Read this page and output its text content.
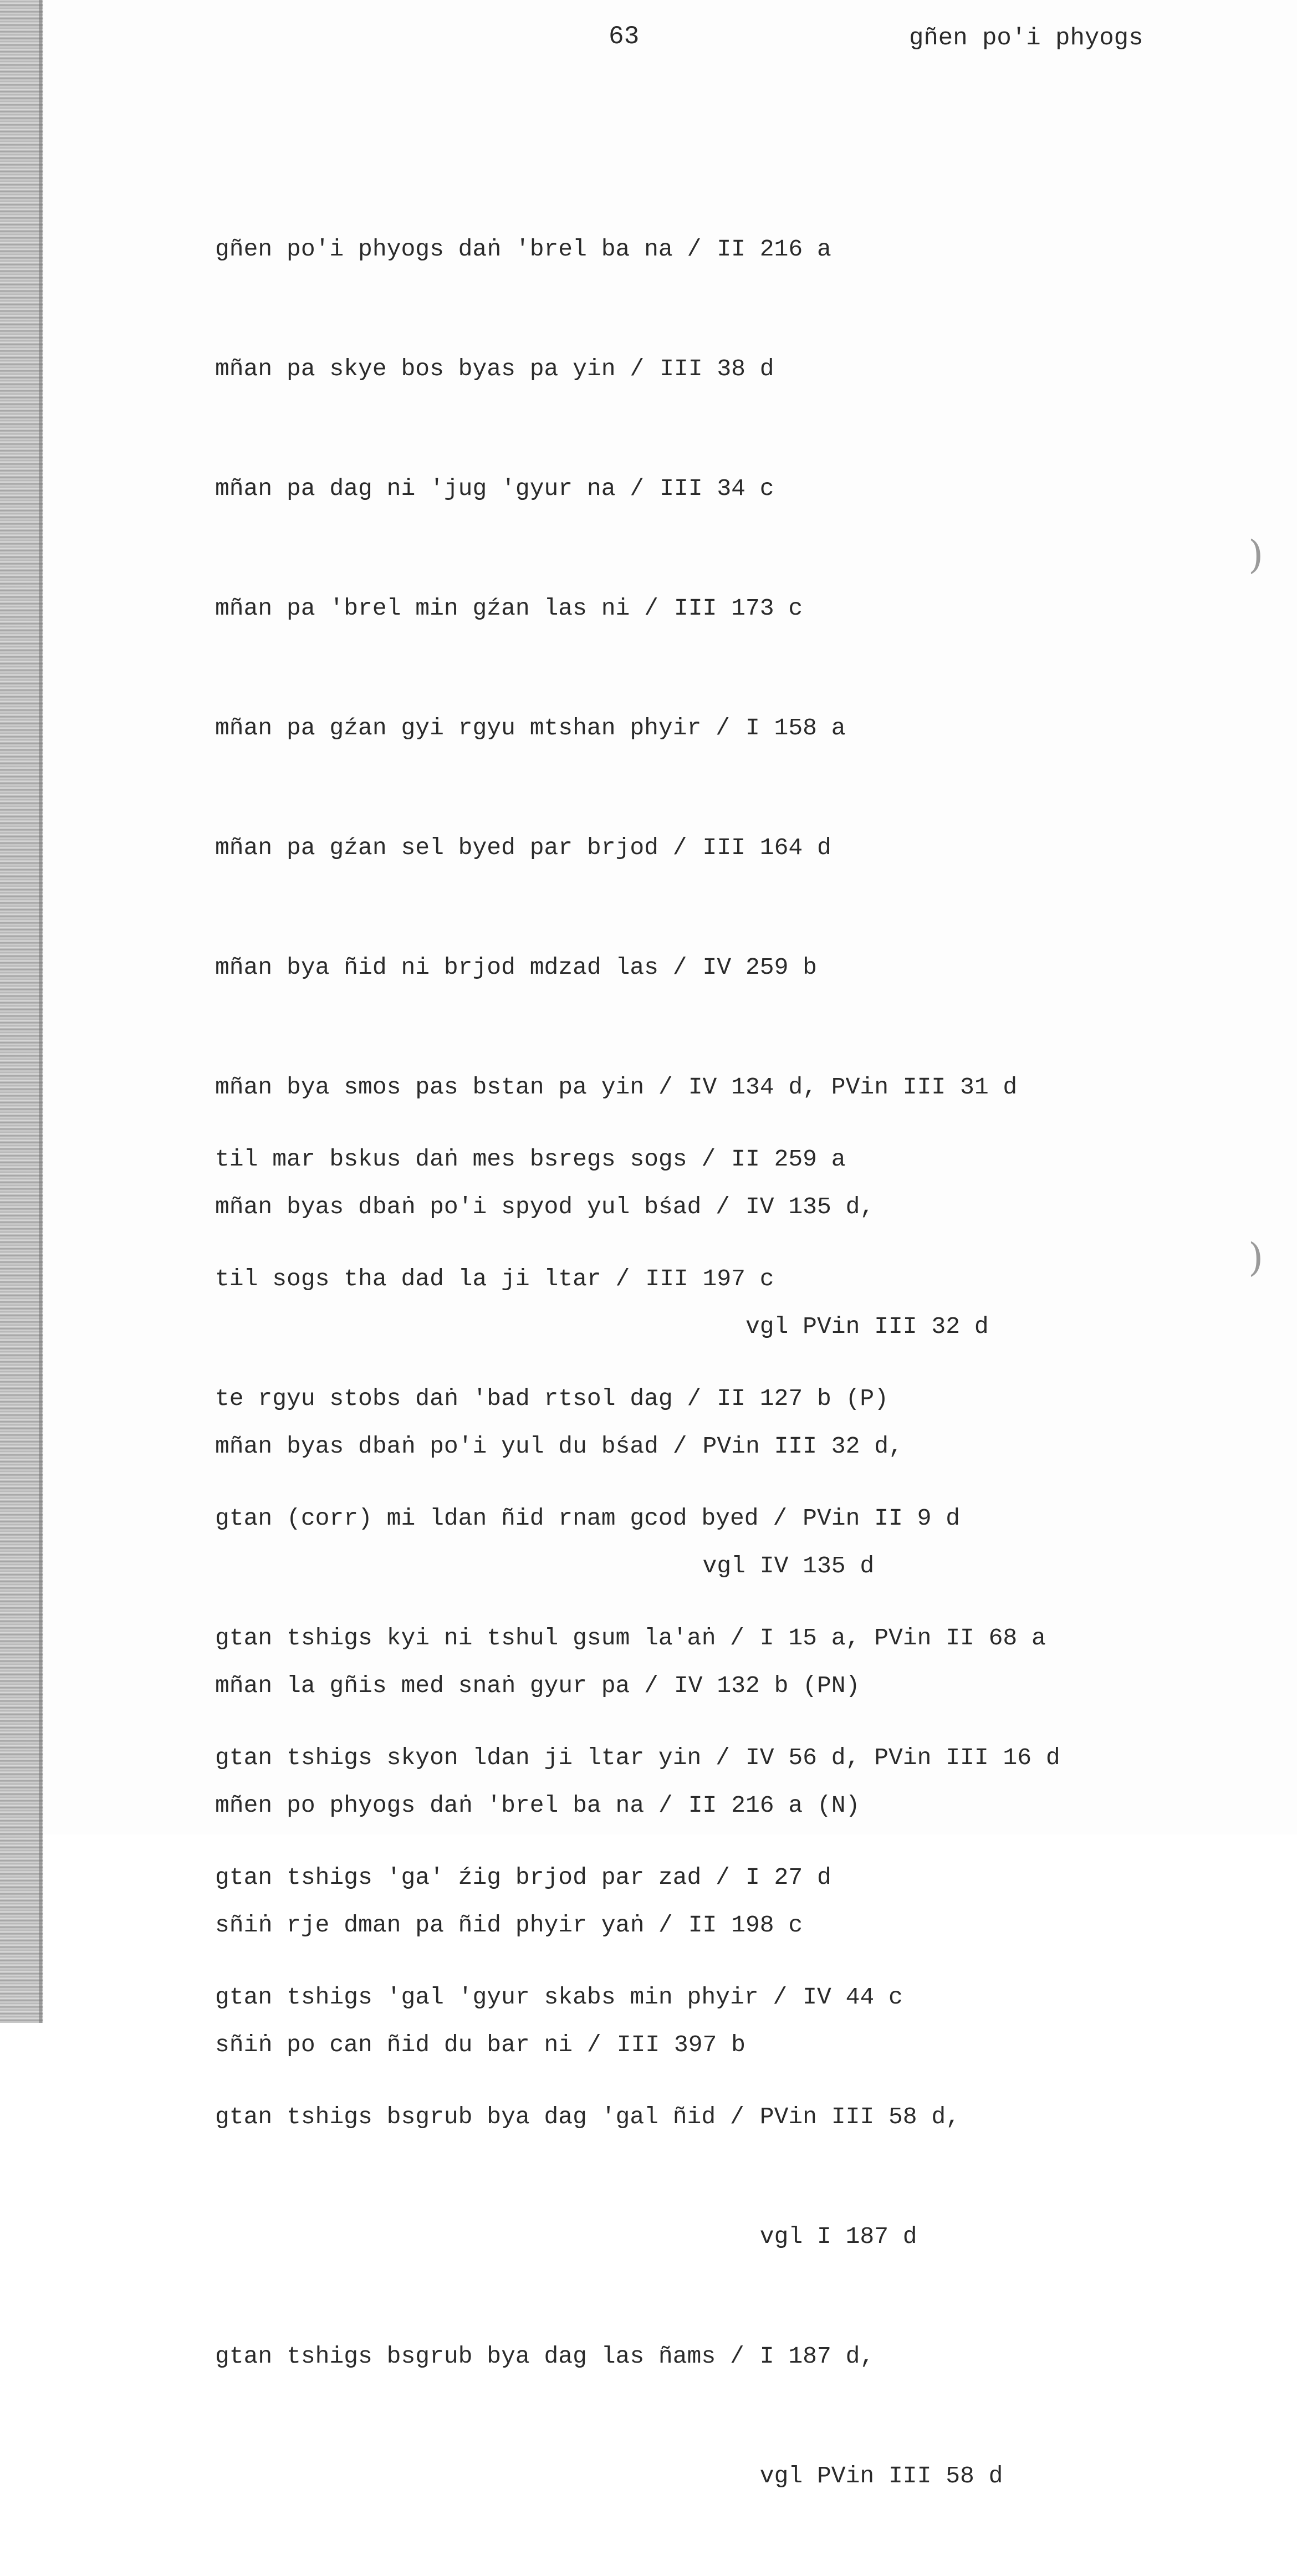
63	gñen po'i phyogs

gñen po'i phyogs daṅ 'brel ba na / II 216 a

mñan pa skye bos byas pa yin / III 38 d

mñan pa dag ni 'jug 'gyur na / III 34 c

mñan pa 'brel min gźan las ni / III 173 c

mñan pa gźan gyi rgyu mtshan phyir / I 158 a

mñan pa gźan sel byed par brjod / III 164 d

mñan bya ñid ni brjod mdzad las / IV 259 b

mñan bya smos pas bstan pa yin / IV 134 d, PVin III 31 d

mñan byas dbaṅ po'i spyod yul bśad / IV 135 d,

vgl PVin III 32 d

mñan byas dbaṅ po'i yul du bśad / PVin III 32 d,

vgl IV 135 d

mñan la gñis med snaṅ gyur pa / IV 132 b (PN)

mñen po phyogs daṅ 'brel ba na / II 216 a (N)

sñiṅ rje dman pa ñid phyir yaṅ / II 198 c

sñiṅ po can ñid du bar ni / III 397 b

til mar bskus daṅ mes bsregs sogs / II 259 a

til sogs tha dad la ji ltar / III 197 c

te rgyu stobs daṅ 'bad rtsol dag / II 127 b (P)

gtan (corr) mi ldan ñid rnam gcod byed / PVin II 9 d

gtan tshigs kyi ni tshul gsum la'aṅ / I 15 a, PVin II 68 a

gtan tshigs skyon ldan ji ltar yin / IV 56 d, PVin III 16 d

gtan tshigs 'ga' źig brjod par zad / I 27 d

gtan tshigs 'gal 'gyur skabs min phyir / IV 44 c

gtan tshigs bsgrub bya dag 'gal ñid / PVin III 58 d,

vgl I 187 d

gtan tshigs bsgrub bya dag las ñams / I 187 d,

vgl PVin III 58 d

)
)
